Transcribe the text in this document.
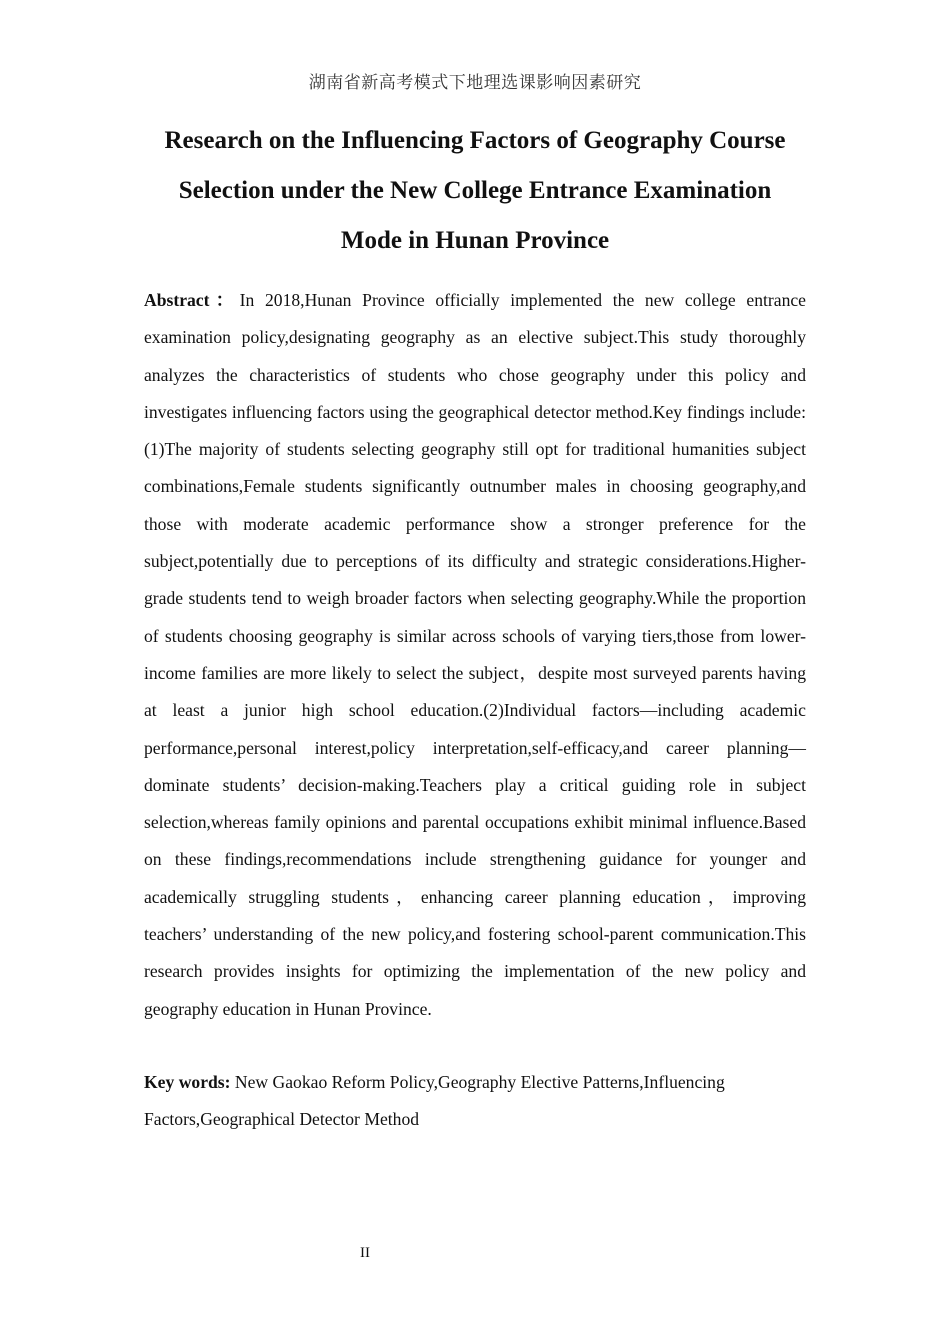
湖南省新高考模式下地理选课影响因素研究
Research on the Influencing Factors of Geography Course
Selection under the New College Entrance Examination
Mode in Hunan Province

Abstract：In 2018,Hunan Province officially implemented the new college entrance examination policy,designating geography as an elective subject.This study thoroughly analyzes the characteristics of students who chose geography under this policy and investigates influencing factors using the geographical detector method.Key findings include:(1)The majority of students selecting geography still opt for traditional humanities subject combinations,Female students significantly outnumber males in choosing geography,and those with moderate academic performance show a stronger preference for the subject,potentially due to perceptions of its difficulty and strategic considerations.Higher-grade students tend to weigh broader factors when selecting geography.While the proportion of students choosing geography is similar across schools of varying tiers,those from lower-income families are more likely to select the subject，despite most surveyed parents having at least a junior high school education.(2)Individual factors—including academic performance,personal interest,policy interpretation,self-efficacy,and career planning—dominate students’ decision-making.Teachers play a critical guiding role in subject selection,whereas family opinions and parental occupations exhibit minimal influence.Based on these findings,recommendations include strengthening guidance for younger and academically struggling students，enhancing career planning education，improving teachers’ understanding of the new policy,and fostering school-parent communication.This research provides insights for optimizing the implementation of the new policy and geography education in Hunan Province.

Key words: New Gaokao Reform Policy,Geography Elective Patterns,Influencing Factors,Geographical Detector Method

II
